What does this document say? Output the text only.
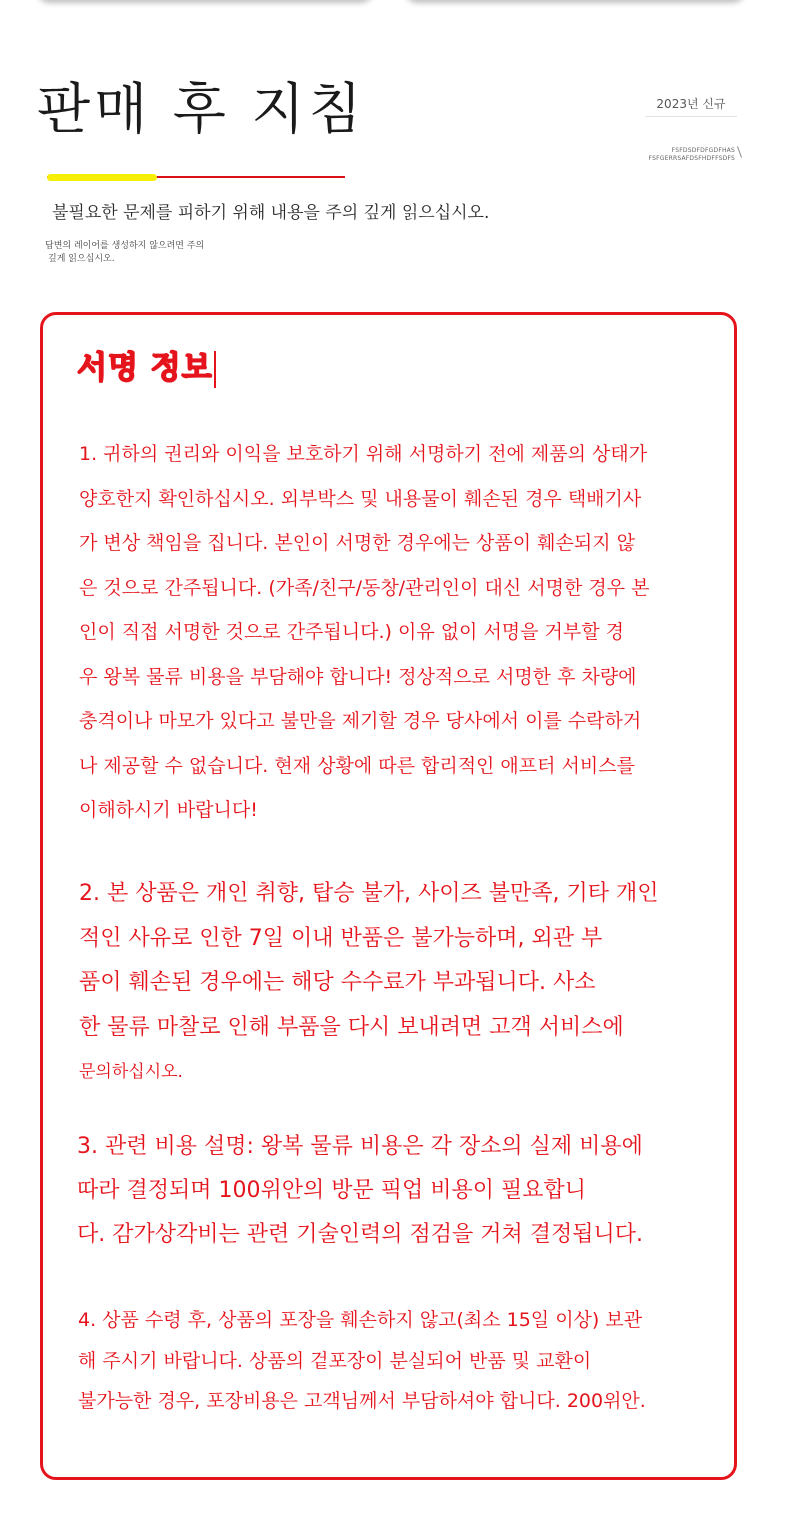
판매 후 지침	2023년 신규
FSFDSDFDFGDFHAS
FSFGERRSAFDSFHDFFSDFS

불필요한 문제를 피하기 위해 내용을 주의 깊게 읽으십시오.

답변의 레이어를 생성하지 않으려면 주의
깊게 읽으십시오.

서명 정보

1. 귀하의 권리와 이익을 보호하기 위해 서명하기 전에 제품의 상태가
양호한지 확인하십시오. 외부박스 및 내용물이 훼손된 경우 택배기사
가 변상 책임을 집니다. 본인이 서명한 경우에는 상품이 훼손되지 않
은 것으로 간주됩니다. (가족/친구/동창/관리인이 대신 서명한 경우 본
인이 직접 서명한 것으로 간주됩니다.) 이유 없이 서명을 거부할 경
우 왕복 물류 비용을 부담해야 합니다! 정상적으로 서명한 후 차량에
충격이나 마모가 있다고 불만을 제기할 경우 당사에서 이를 수락하거
나 제공할 수 없습니다. 현재 상황에 따른 합리적인 애프터 서비스를
이해하시기 바랍니다!

2. 본 상품은 개인 취향, 탑승 불가, 사이즈 불만족, 기타 개인
적인 사유로 인한 7일 이내 반품은 불가능하며, 외관 부
품이 훼손된 경우에는 해당 수수료가 부과됩니다. 사소
한 물류 마찰로 인해 부품을 다시 보내려면 고객 서비스에
문의하십시오.

3. 관련 비용 설명: 왕복 물류 비용은 각 장소의 실제 비용에
따라 결정되며 100위안의 방문 픽업 비용이 필요합니
다. 감가상각비는 관련 기술인력의 점검을 거쳐 결정됩니다.

4. 상품 수령 후, 상품의 포장을 훼손하지 않고(최소 15일 이상) 보관
해 주시기 바랍니다. 상품의 겉포장이 분실되어 반품 및 교환이
불가능한 경우, 포장비용은 고객님께서 부담하셔야 합니다. 200위안.
